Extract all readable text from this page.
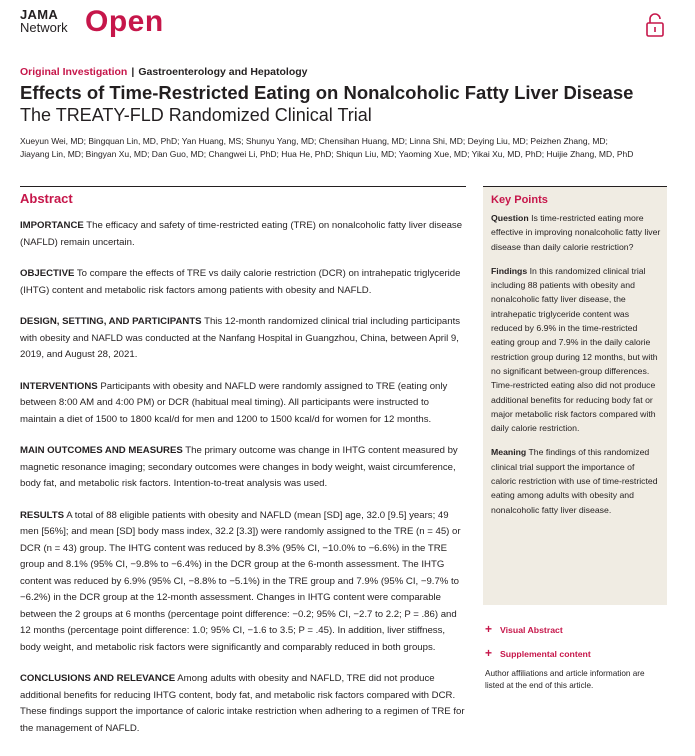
JAMA
Network Open
Original Investigation | Gastroenterology and Hepatology
Effects of Time-Restricted Eating on Nonalcoholic Fatty Liver Disease
The TREATY-FLD Randomized Clinical Trial
Xueyun Wei, MD; Bingquan Lin, MD, PhD; Yan Huang, MS; Shunyu Yang, MD; Chensihan Huang, MD; Linna Shi, MD; Deying Liu, MD; Peizhen Zhang, MD;
Jiayang Lin, MD; Bingyan Xu, MD; Dan Guo, MD; Changwei Li, PhD; Hua He, PhD; Shiqun Liu, MD; Yaoming Xue, MD; Yikai Xu, MD, PhD; Huijie Zhang, MD, PhD
Abstract

IMPORTANCE The efficacy and safety of time-restricted eating (TRE) on nonalcoholic fatty liver disease (NAFLD) remain uncertain.

OBJECTIVE To compare the effects of TRE vs daily calorie restriction (DCR) on intrahepatic triglyceride (IHTG) content and metabolic risk factors among patients with obesity and NAFLD.

DESIGN, SETTING, AND PARTICIPANTS This 12-month randomized clinical trial including participants with obesity and NAFLD was conducted at the Nanfang Hospital in Guangzhou, China, between April 9, 2019, and August 28, 2021.

INTERVENTIONS Participants with obesity and NAFLD were randomly assigned to TRE (eating only between 8:00 AM and 4:00 PM) or DCR (habitual meal timing). All participants were instructed to maintain a diet of 1500 to 1800 kcal/d for men and 1200 to 1500 kcal/d for women for 12 months.

MAIN OUTCOMES AND MEASURES The primary outcome was change in IHTG content measured by magnetic resonance imaging; secondary outcomes were changes in body weight, waist circumference, body fat, and metabolic risk factors. Intention-to-treat analysis was used.

RESULTS A total of 88 eligible patients with obesity and NAFLD (mean [SD] age, 32.0 [9.5] years; 49 men [56%]; and mean [SD] body mass index, 32.2 [3.3]) were randomly assigned to the TRE (n = 45) or DCR (n = 43) group. The IHTG content was reduced by 8.3% (95% CI, −10.0% to −6.6%) in the TRE group and 8.1% (95% CI, −9.8% to −6.4%) in the DCR group at the 6-month assessment. The IHTG content was reduced by 6.9% (95% CI, −8.8% to −5.1%) in the TRE group and 7.9% (95% CI, −9.7% to −6.2%) in the DCR group at the 12-month assessment. Changes in IHTG content were comparable between the 2 groups at 6 months (percentage point difference: −0.2; 95% CI, −2.7 to 2.2; P = .86) and 12 months (percentage point difference: 1.0; 95% CI, −1.6 to 3.5; P = .45). In addition, liver stiffness, body weight, and metabolic risk factors were significantly and comparably reduced in both groups.

CONCLUSIONS AND RELEVANCE Among adults with obesity and NAFLD, TRE did not produce additional benefits for reducing IHTG content, body fat, and metabolic risk factors compared with DCR. These findings support the importance of caloric intake restriction when adhering to a regimen of TRE for the management of NAFLD.

Key Points

Question Is time-restricted eating more effective in improving nonalcoholic fatty liver disease than daily calorie restriction?

Findings In this randomized clinical trial including 88 patients with obesity and nonalcoholic fatty liver disease, the intrahepatic triglyceride content was reduced by 6.9% in the time-restricted eating group and 7.9% in the daily calorie restriction group during 12 months, but with no significant between-group differences. Time-restricted eating also did not produce additional benefits for reducing body fat or major metabolic risk factors compared with daily calorie restriction.

Meaning The findings of this randomized clinical trial support the importance of caloric restriction with use of time-restricted eating among adults with obesity and nonalcoholic fatty liver disease.

+ Visual Abstract
+ Supplemental content
Author affiliations and article information are listed at the end of this article.
